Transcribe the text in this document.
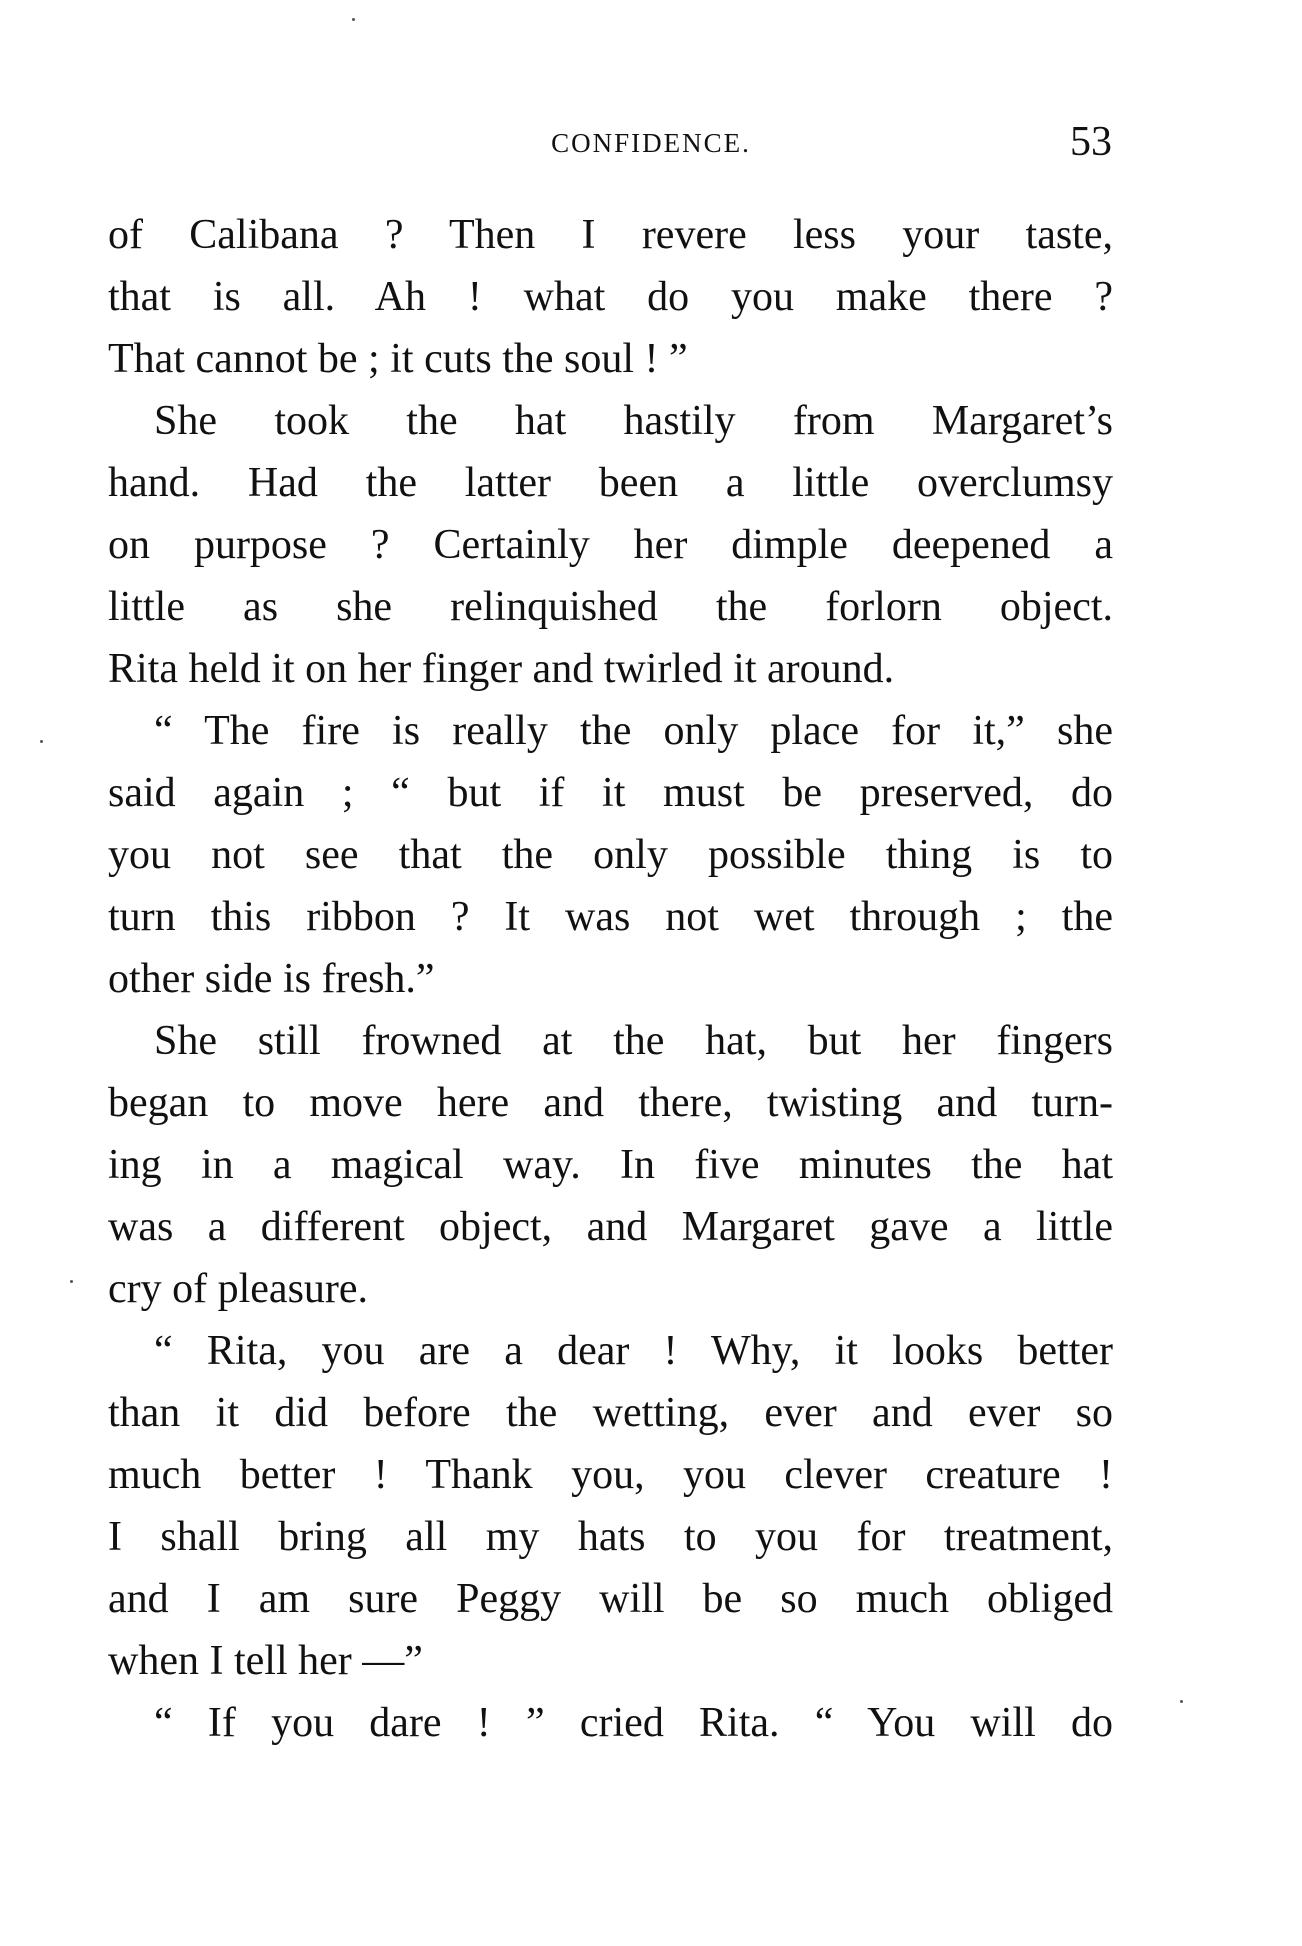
CONFIDENCE.	53
of Calibana ? Then I revere less your taste,
that is all. Ah ! what do you make there ?
That cannot be ; it cuts the soul ! ”
She took the hat hastily from Margaret’s
hand. Had the latter been a little overclumsy
on purpose ? Certainly her dimple deepened a
little as she relinquished the forlorn object.
Rita held it on her finger and twirled it around.
“ The fire is really the only place for it,” she
said again ; “ but if it must be preserved, do
you not see that the only possible thing is to
turn this ribbon ? It was not wet through ; the
other side is fresh.”
She still frowned at the hat, but her fingers
began to move here and there, twisting and turn-
ing in a magical way. In five minutes the hat
was a different object, and Margaret gave a little
cry of pleasure.
“ Rita, you are a dear ! Why, it looks better
than it did before the wetting, ever and ever so
much better ! Thank you, you clever creature !
I shall bring all my hats to you for treatment,
and I am sure Peggy will be so much obliged
when I tell her —”
“ If you dare ! ” cried Rita. “ You will do
